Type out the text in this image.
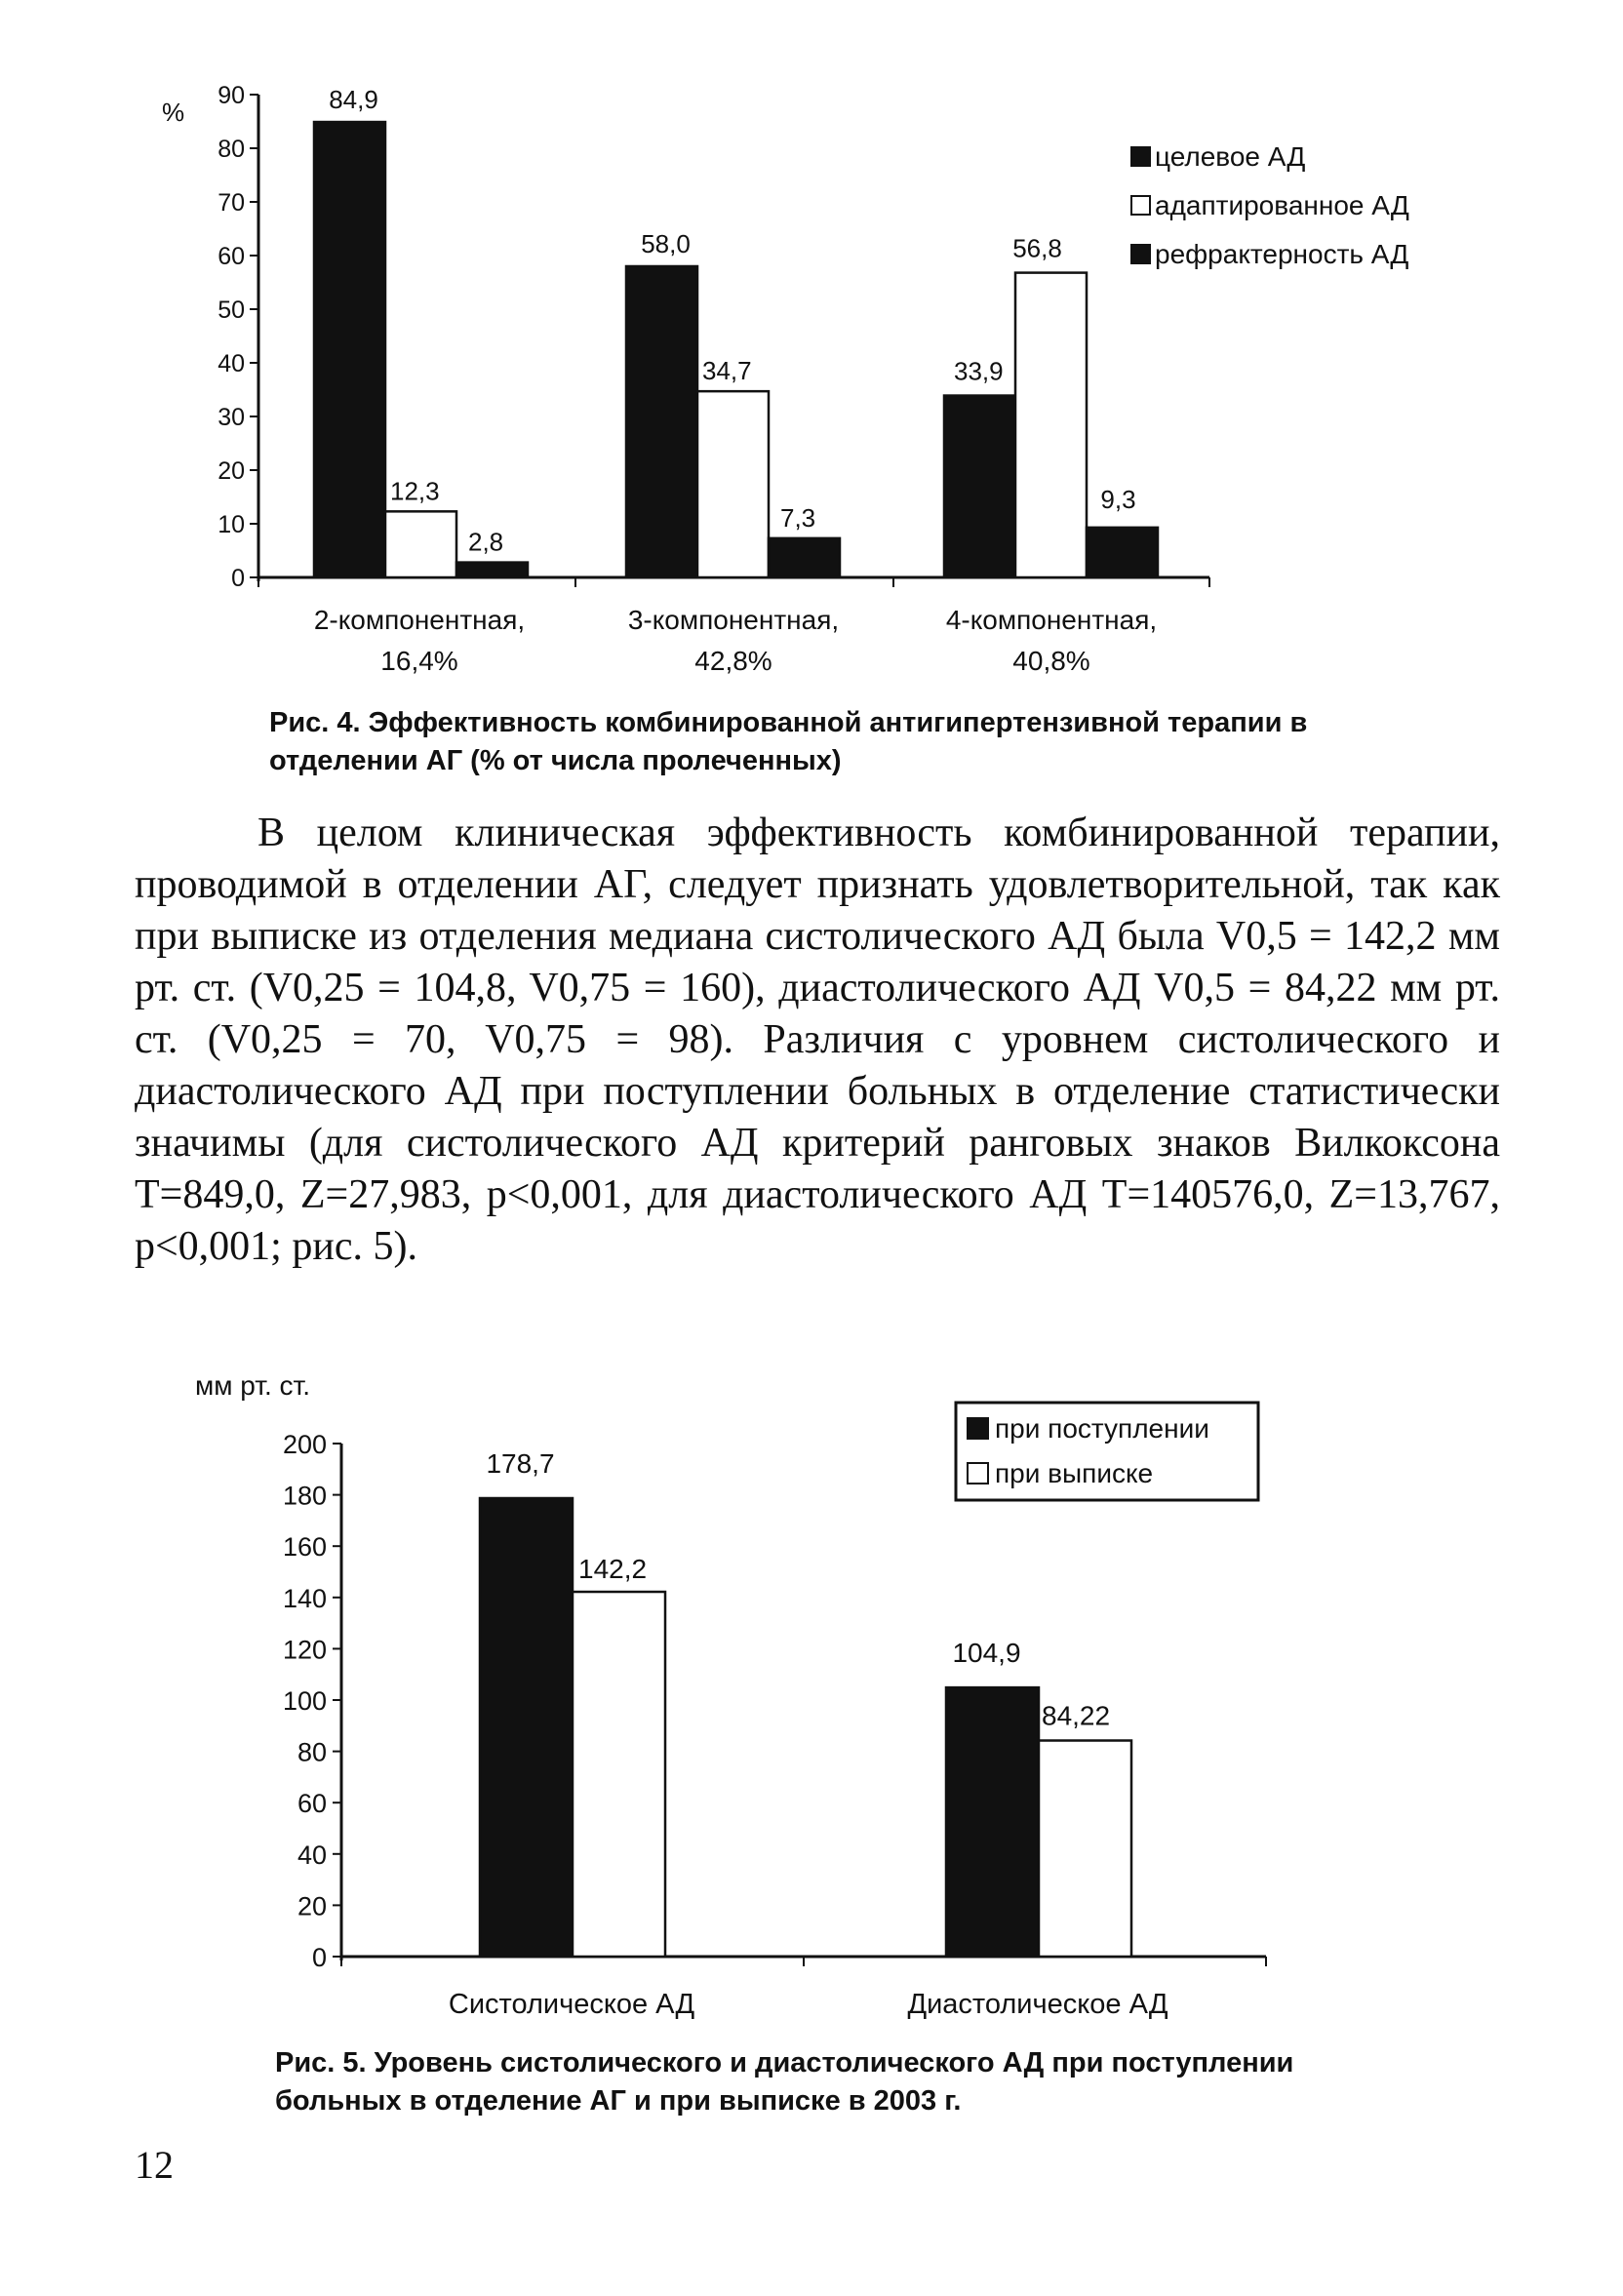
0
10
20
30
40
50
60
70
80
90
%	84,9
58,0
33,9
12,3
34,7
56,8
2,8
7,3
9,3
2-компонентная,
16,4%
3-компонентная,
42,8%
4-компонентная,
40,8%
целевое АД
адаптированное АД
рефрактерность АД

Рис. 4. Эффективность комбинированной антигипертензивной терапии в отделении АГ (% от числа пролеченных)

В целом клиническая эффективность комбинированной терапии, проводимой в отделении АГ, следует признать удовлетворительной, так как при выписке из отделения медиана систолического АД была V0,5 = 142,2 мм рт. ст. (V0,25 = 104,8, V0,75 = 160), диастолического АД V0,5 = 84,22 мм рт. ст. (V0,25 = 70, V0,75 = 98). Различия с уровнем систолического и диастолического АД при поступлении больных в отделение статистически значимы (для систолического АД критерий ранговых знаков Вилкоксона T=849,0, Z=27,983, p<0,001, для диастолического АД T=140576,0, Z=13,767, p<0,001; рис. 5).

мм рт. ст.
0
20
40
60
80
100
120
140
160
180
200
178,7
104,9
142,2
84,22
Систолическое АД	Диастолическое АД
при поступлении
при выписке

Рис. 5. Уровень систолического и диастолического АД при поступлении больных в отделение АГ и при выписке в 2003 г.

12
